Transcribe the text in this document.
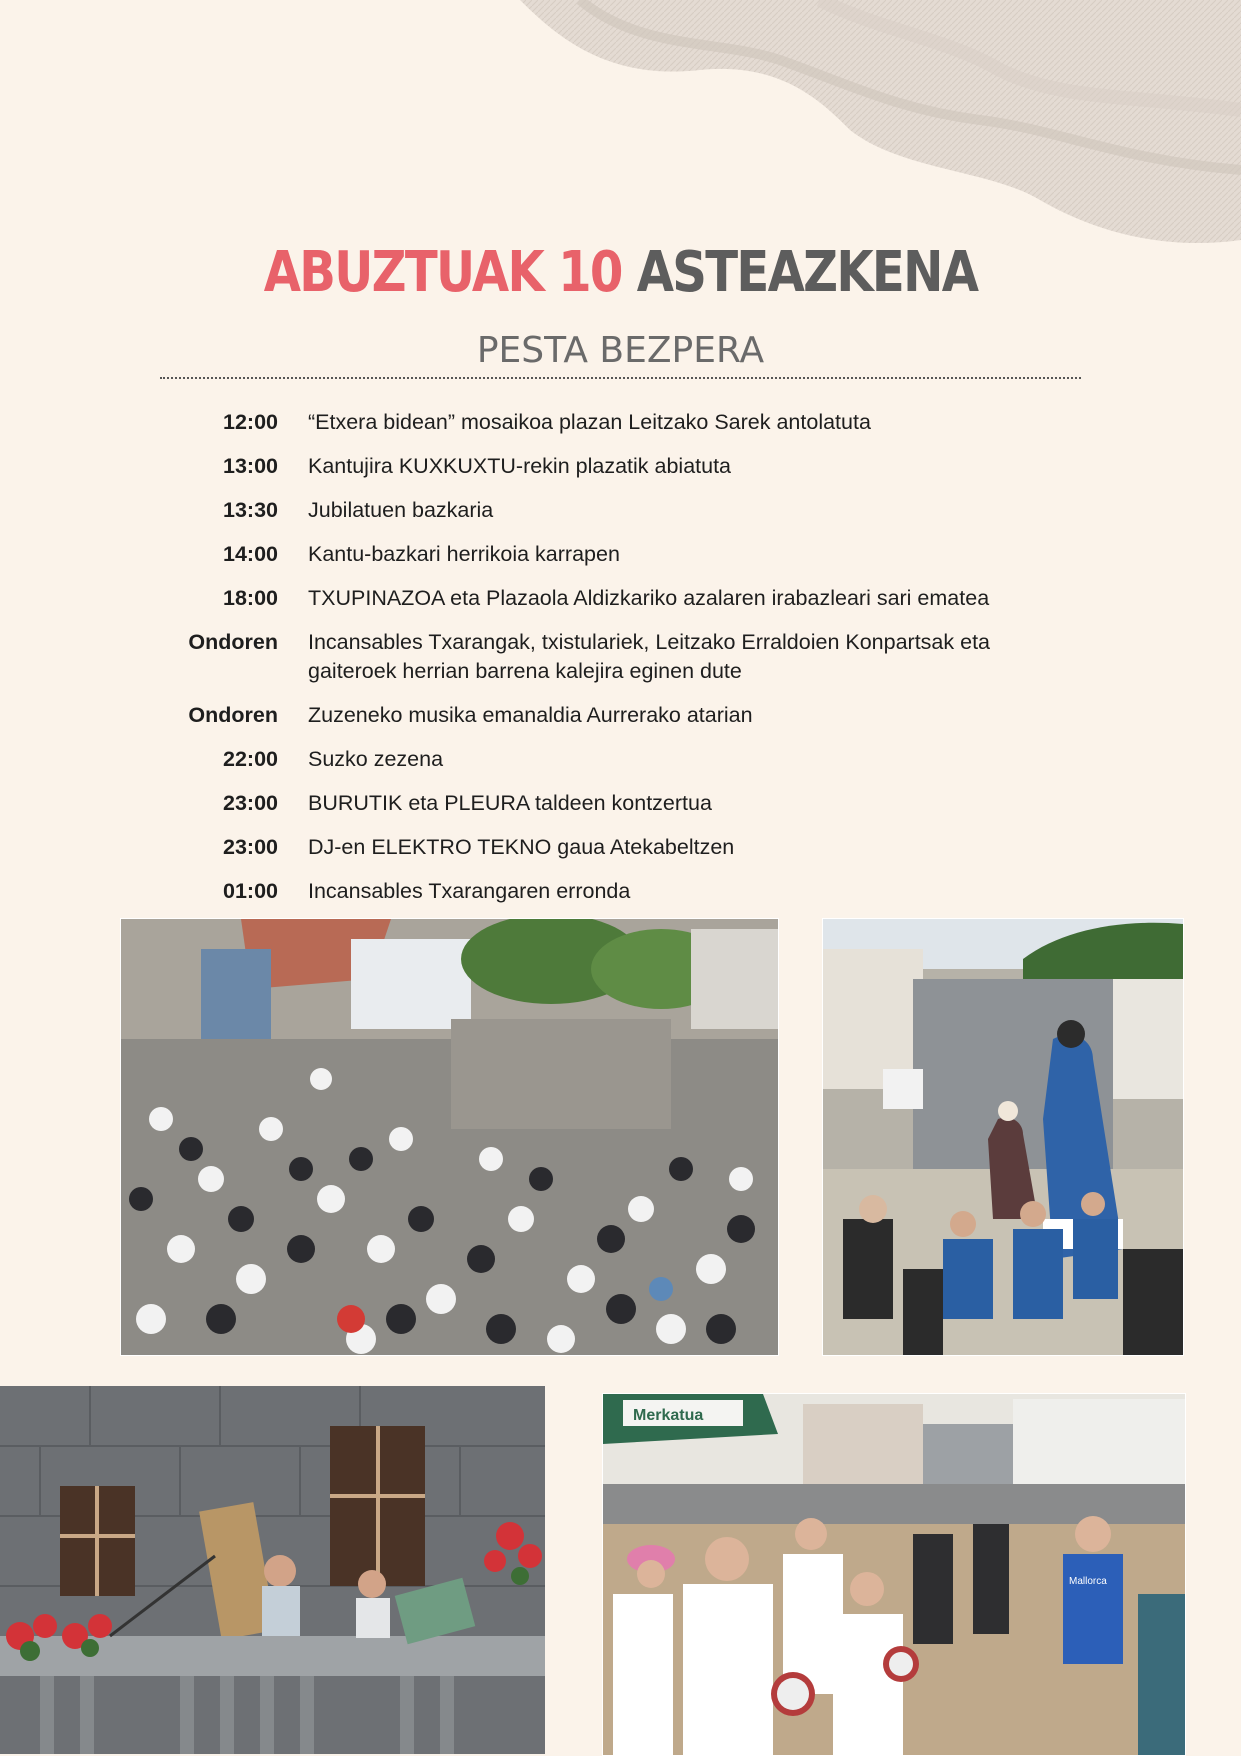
ABUZTUAK 10 ASTEAZKENA
PESTA BEZPERA
12:00 “Etxera bidean” mosaikoa plazan Leitzako Sarek antolatuta
13:00 Kantujira KUXKUXTU-rekin plazatik abiatuta
13:30 Jubilatuen bazkaria
14:00 Kantu-bazkari herrikoia karrapen
18:00 TXUPINAZOA eta Plazaola Aldizkariko azalaren irabazleari sari ematea
Ondoren Incansables Txarangak, txistulariek, Leitzako Erraldoien Konpartsak eta gaiteroek herrian barrena kalejira eginen dute
Ondoren Zuzeneko musika emanaldia Aurrerako atarian
22:00 Suzko zezena
23:00 BURUTIK eta PLEURA taldeen kontzertua
23:00 DJ-en ELEKTRO TEKNO gaua Atekabeltzen
01:00 Incansables Txarangaren erronda
Merkatua
Mallorca
